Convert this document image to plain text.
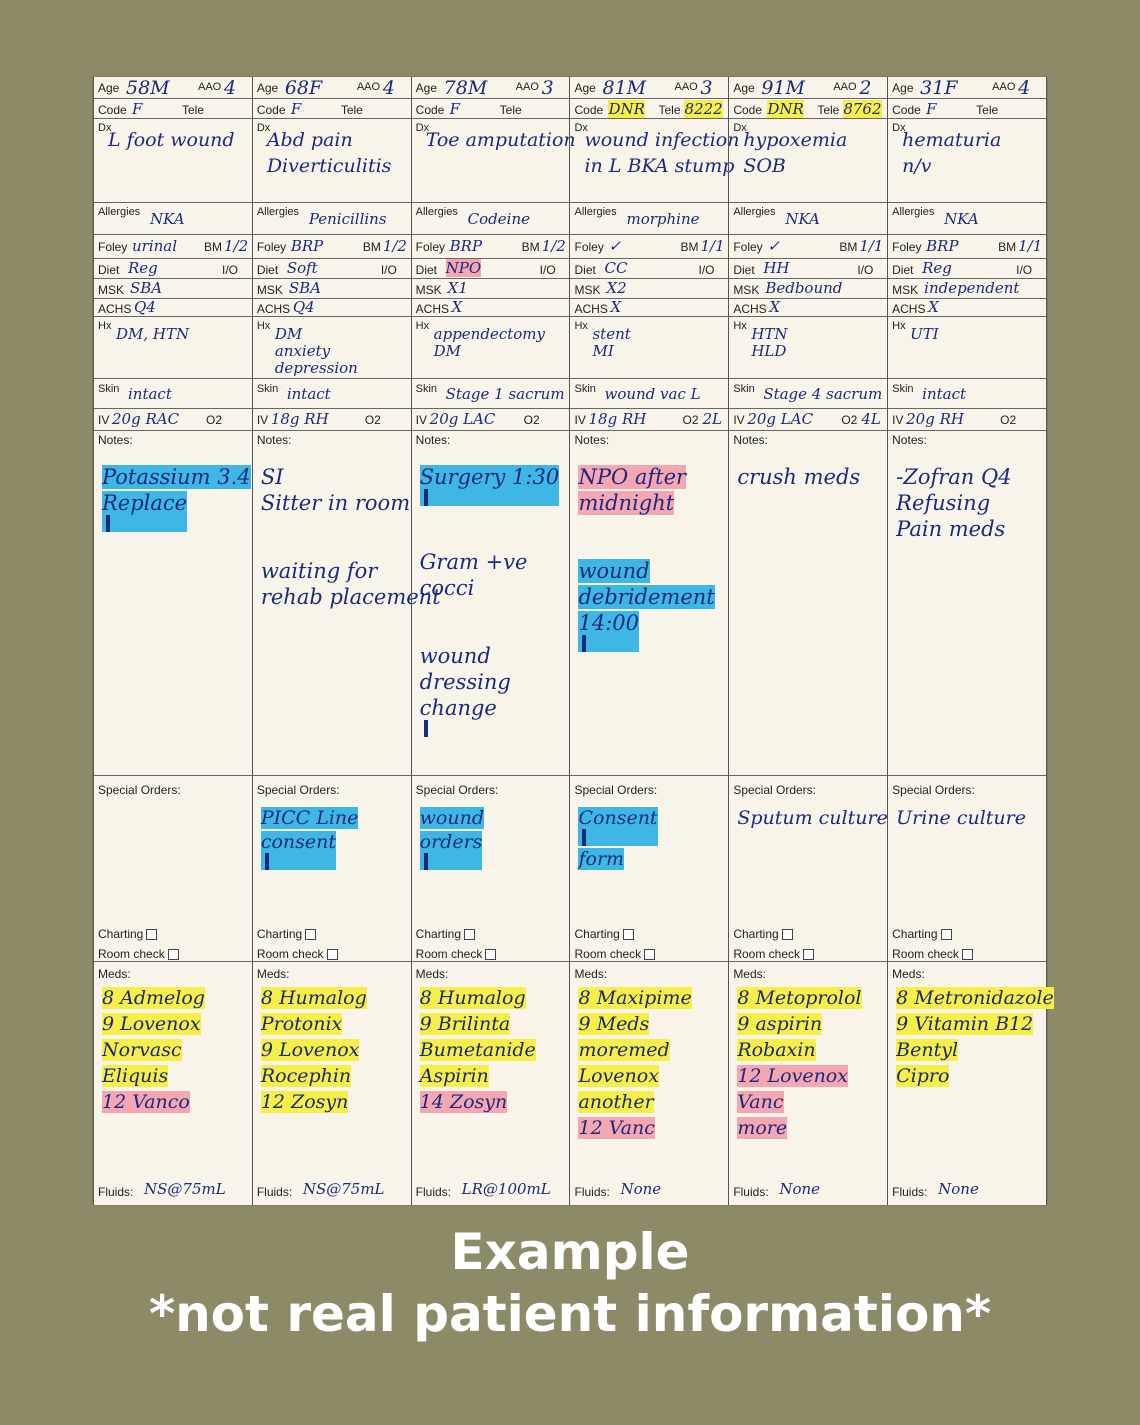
Age 58M	AAO 4
Code F	Tele
Dx
L foot wound
Allergies NKA
Foley urinal BM 1/2
Diet Reg	I/O
MSK SBA
ACHS Q4
Hx DM, HTN
Skin intact
IV 20g RAC O2
Notes:
Potassium 3.4
Replace
Special Orders:
Charting
Room check
Meds:
8 Admelog
9 Lovenox
Norvasc
Eliquis
12 Vanco
Fluids: NS@75mL
Age 68F	AAO 4
Code F	Tele
Dx
Abd pain
Diverticulitis
Allergies Penicillins
Foley BRP	BM 1/2
Diet Soft	I/O
MSK SBA
ACHS Q4
Hx DM
anxiety
depression
Skin intact
IV 18g RH	O2
Notes:
SI
Sitter in room
waiting for
rehab placement
Special Orders:
PICC Line
consent
Charting
Room check
Meds:
8 Humalog
Protonix
9 Lovenox
Rocephin
12 Zosyn
Fluids: NS@75mL
Age 78M	AAO 3
Code F	Tele
Dx
Toe amputation
Allergies Codeine
Foley BRP	BM 1/2
Diet NPO	I/O
MSK X1
ACHS X
Hx appendectomy
DM
Skin Stage 1 sacrum
IV 20g LAC O2
Notes:
Surgery 1:30
Gram +ve
cocci
wound
dressing
change
Special Orders:
wound
orders
Charting
Room check
Meds:
8 Humalog
9 Brilinta
Bumetanide
Aspirin
14 Zosyn
Fluids: LR@100mL
Age 81M	AAO 3
Code DNR Tele 8222
Dx
wound infection
in L BKA stump
Allergies morphine
Foley ✓	BM 1/1
Diet CC	I/O
MSK X2
ACHS X
Hx stent
MI
Skin wound vac L
IV 18g RH	O2 2L
Notes:
NPO after
midnight
wound
debridement
14:00
Special Orders:
Consent
form
Charting
Room check
Meds:
8 Maxipime
9 Meds
moremed
Lovenox
another
12 Vanc
Fluids: None
Age 91M	AAO 2
Code DNR Tele 8762
Dx
hypoxemia
SOB
Allergies NKA
Foley ✓	BM 1/1
Diet HH	I/O
MSK Bedbound
ACHS X
Hx HTN
HLD
Skin Stage 4 sacrum
IV 20g LAC O2 4L
Notes:
crush meds
Special Orders:
Sputum culture
Charting
Room check
Meds:
8 Metoprolol
9 aspirin
Robaxin
12 Lovenox
Vanc
more
Fluids: None
Age 31F	AAO 4
Code F	Tele
Dx
hematuria
n/v
Allergies NKA
Foley BRP	BM 1/1
Diet Reg	I/O
MSK independent
ACHS X
Hx UTI
Skin intact
IV 20g RH	O2
Notes:
-Zofran Q4
Refusing
Pain meds
Special Orders:
Urine culture
Charting
Room check
Meds:
8 Metronidazole
9 Vitamin B12
Bentyl
Cipro
Fluids: None
Example
*not real patient information*
